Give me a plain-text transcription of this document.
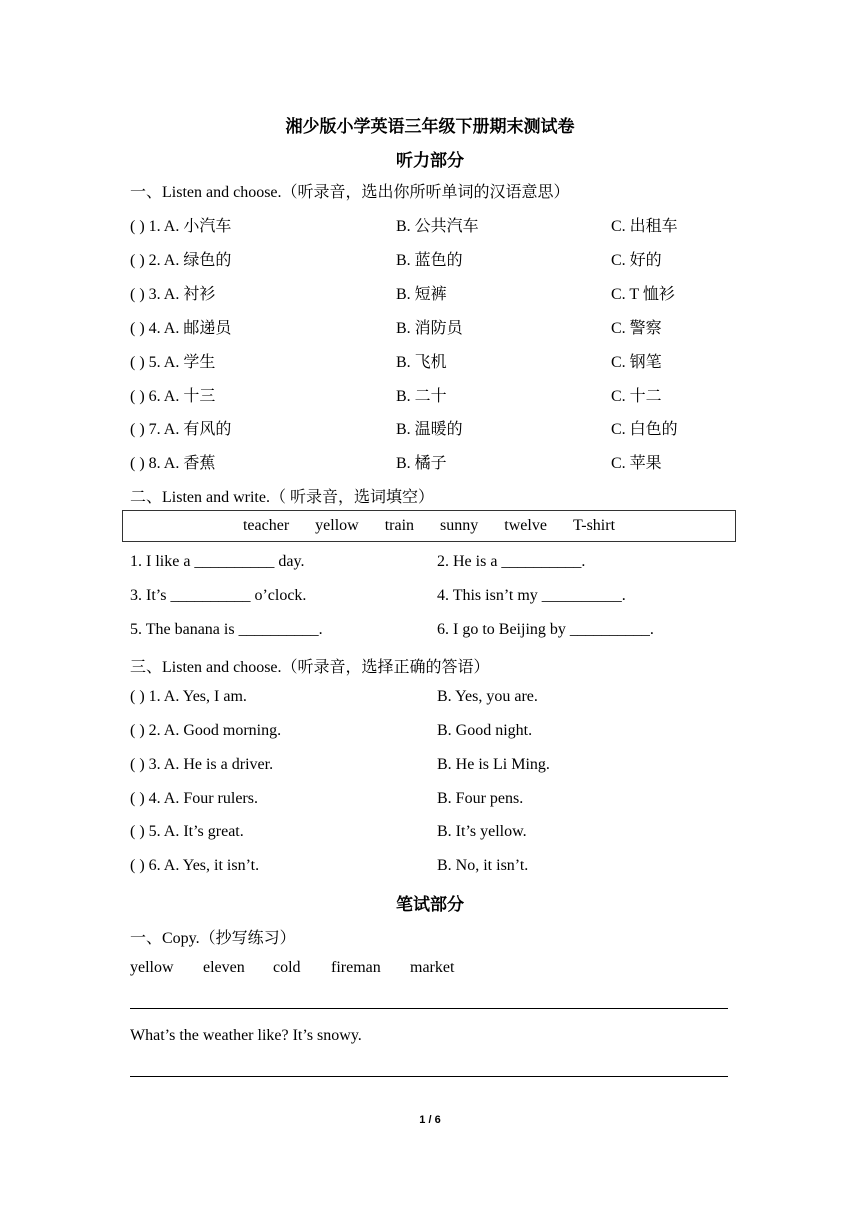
湘少版小学英语三年级下册期末测试卷
听力部分
一、Listen and choose.（听录音，选出你所听单词的汉语意思）
( ) 1. A. 小汽车	B. 公共汽车	C. 出租车
( ) 2. A. 绿色的	B. 蓝色的	C. 好的
( ) 3. A. 衬衫	B. 短裤	C. T 恤衫
( ) 4. A. 邮递员	B. 消防员	C. 警察
( ) 5. A. 学生	B. 飞机	C. 钢笔
( ) 6. A. 十三	B. 二十	C. 十二
( ) 7. A. 有风的	B. 温暖的	C. 白色的
( ) 8. A. 香蕉	B. 橘子	C. 苹果
二、Listen and write.（ 听录音，选词填空）
teacher yellow train sunny twelve T-shirt
1. I like a __________ day.	2. He is a __________.
3. It’s __________ o’clock.	4. This isn’t my __________.
5. The banana is __________.	6. I go to Beijing by __________.
三、Listen and choose.（听录音，选择正确的答语）
( ) 1. A. Yes, I am.	B. Yes, you are.
( ) 2. A. Good morning.	B. Good night.
( ) 3. A. He is a driver.	B. He is Li Ming.
( ) 4. A. Four rulers.	B. Four pens.
( ) 5. A. It’s great.	B. It’s yellow.
( ) 6. A. Yes, it isn’t.	B. No, it isn’t.
笔试部分
一、Copy.（抄写练习）
yellow eleven cold fireman market
What’s the weather like? It’s snowy.
1 / 6
